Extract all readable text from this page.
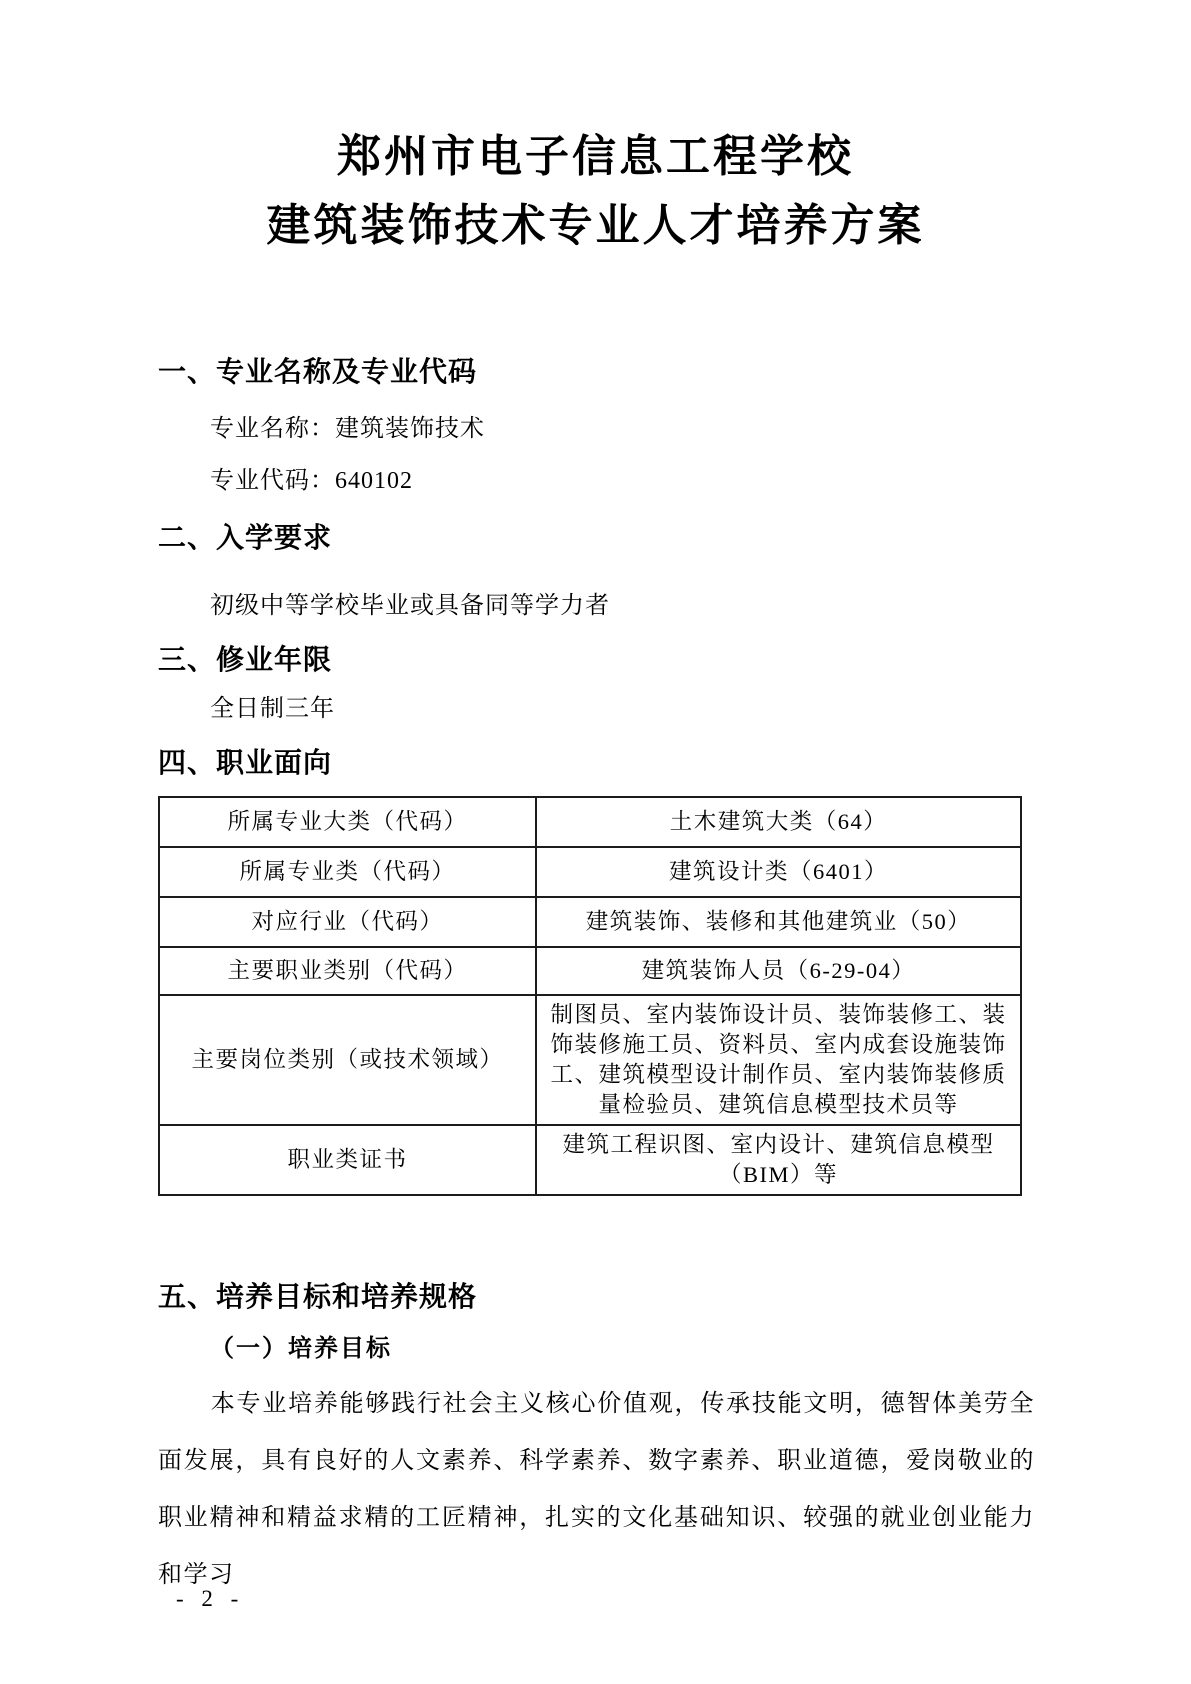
郑州市电子信息工程学校
建筑装饰技术专业人才培养方案
一、专业名称及专业代码

专业名称：建筑装饰技术

专业代码：640102

二、入学要求

初级中等学校毕业或具备同等学力者

三、修业年限

全日制三年

四、职业面向
所属专业大类（代码）	土木建筑大类（64）
所属专业类（代码）	建筑设计类（6401）
对应行业（代码）	建筑装饰、装修和其他建筑业（50）
主要职业类别（代码）	建筑装饰人员（6-29-04）
主要岗位类别（或技术领域）	制图员、室内装饰设计员、装饰装修工、装饰装修施工员、资料员、室内成套设施装饰工、建筑模型设计制作员、室内装饰装修质量检验员、建筑信息模型技术员等
职业类证书	建筑工程识图、室内设计、建筑信息模型（BIM）等
五、培养目标和培养规格
（一）培养目标

本专业培养能够践行社会主义核心价值观，传承技能文明，德智体美劳全面发展，具有良好的人文素养、科学素养、数字素养、职业道德，爱岗敬业的职业精神和精益求精的工匠精神，扎实的文化基础知识、较强的就业创业能力和学习

- 2 -
